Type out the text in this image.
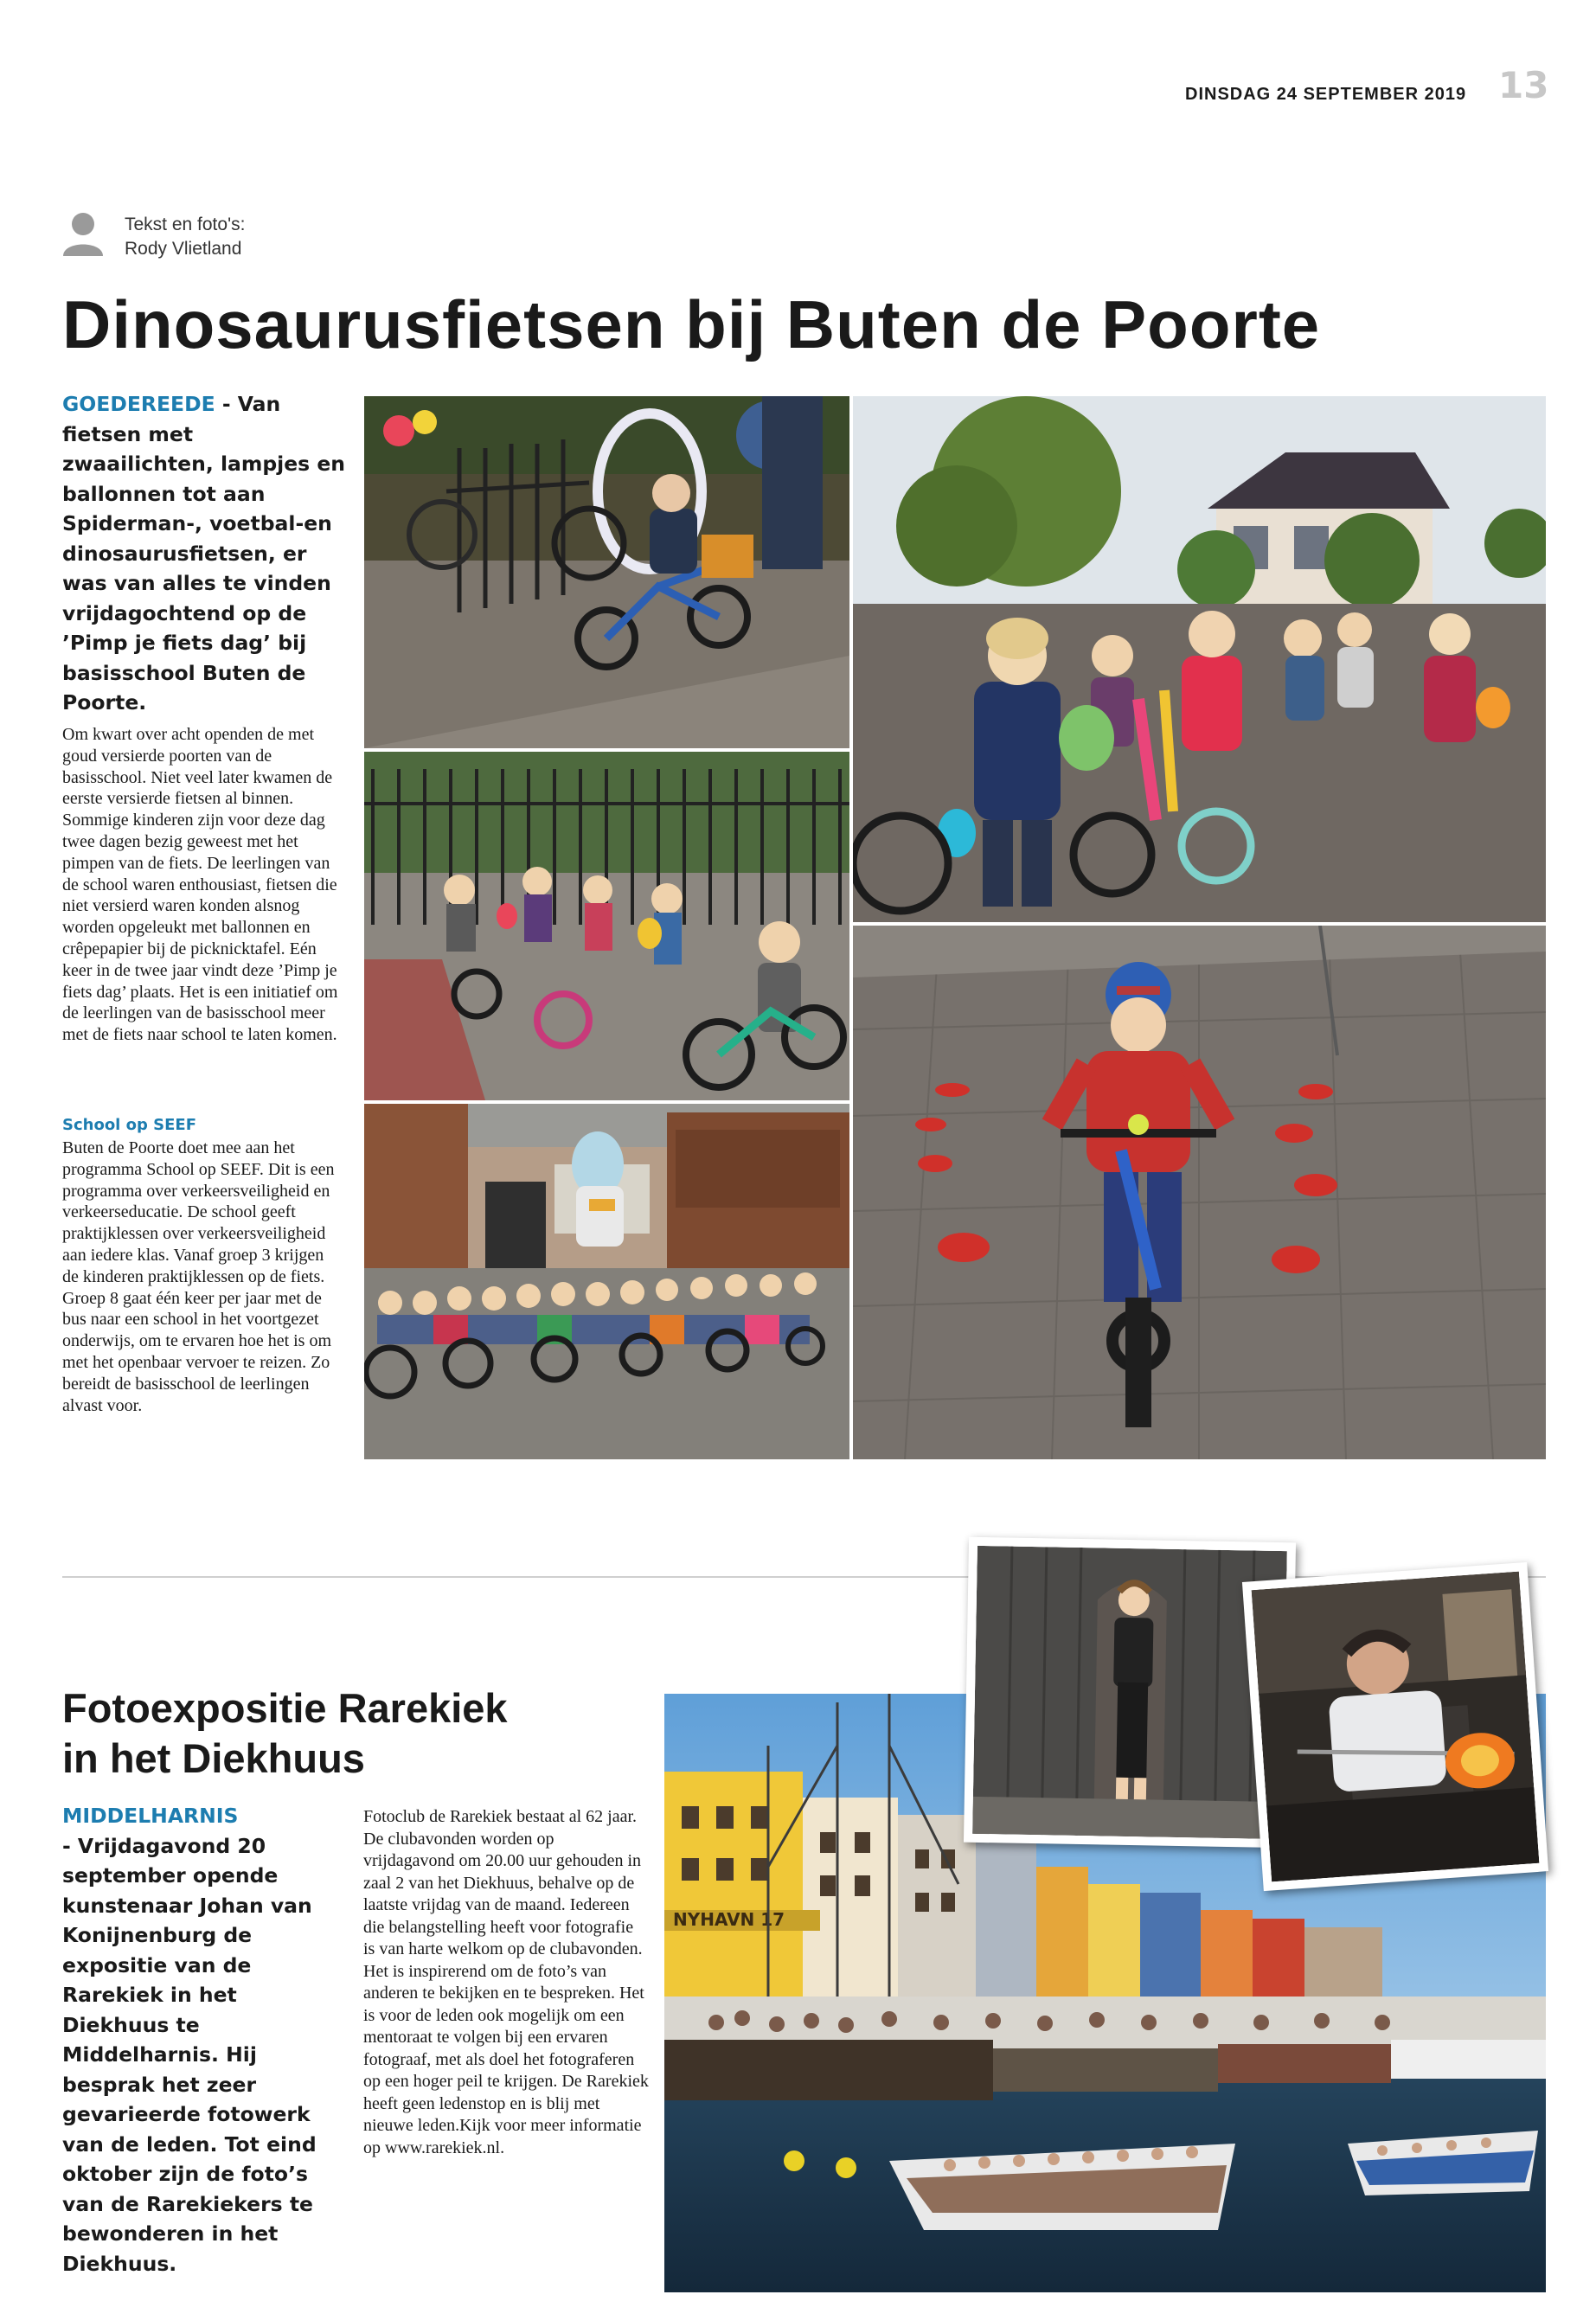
DINSDAG 24 SEPTEMBER 2019 13
Tekst en foto's:
Rody Vlietland
Dinosaurusfietsen bij Buten de Poorte
GOEDEREEDE - Van fietsen met zwaailichten, lampjes en ballonnen tot aan Spiderman-, voetbal-en dinosaurusfietsen, er was van alles te vinden vrijdagochtend op de ’Pimp je fiets dag’ bij basisschool Buten de Poorte.
Om kwart over acht openden de met goud versierde poorten van de basisschool. Niet veel later kwamen de eerste versierde fietsen al binnen. Sommige kinderen zijn voor deze dag twee dagen bezig geweest met het pimpen van de fiets. De leerlingen van de school waren enthousiast, fietsen die niet versierd waren konden alsnog worden opgeleukt met ballonnen en crêpepapier bij de picknicktafel. Eén keer in de twee jaar vindt deze ’Pimp je fiets dag’ plaats. Het is een initiatief om de leerlingen van de basisschool meer met de fiets naar school te laten komen.
School op SEEF
Buten de Poorte doet mee aan het programma School op SEEF. Dit is een programma over verkeersveiligheid en verkeerseducatie. De school geeft praktijklessen over verkeersveiligheid aan iedere klas. Vanaf groep 3 krijgen de kinderen praktijklessen op de fiets. Groep 8 gaat één keer per jaar met de bus naar een school in het voortgezet onderwijs, om te ervaren hoe het is om met het openbaar vervoer te reizen. Zo bereidt de basisschool de leerlingen alvast voor.
Fotoexpositie Rarekiek
in het Diekhuus
MIDDELHARNIS
- Vrijdagavond 20 september opende kunstenaar Johan van Konijnenburg de expositie van de Rarekiek in het Diekhuus te Middelharnis. Hij besprak het zeer gevarieerde fotowerk van de leden. Tot eind oktober zijn de foto’s van de Rarekiekers te bewonderen in het Diekhuus.
Fotoclub de Rarekiek bestaat al 62 jaar. De clubavonden worden op vrijdagavond om 20.00 uur gehouden in zaal 2 van het Diekhuus, behalve op de laatste vrijdag van de maand. Iedereen die belangstelling heeft voor fotografie is van harte welkom op de clubavonden. Het is inspirerend om de foto’s van anderen te bekijken en te bespreken. Het is voor de leden ook mogelijk om een mentoraat te volgen bij een ervaren fotograaf, met als doel het fotograferen op een hoger peil te krijgen. De Rarekiek heeft geen ledenstop en is blij met nieuwe leden.Kijk voor meer informatie op www.rarekiek.nl.
NYHAVN 17
